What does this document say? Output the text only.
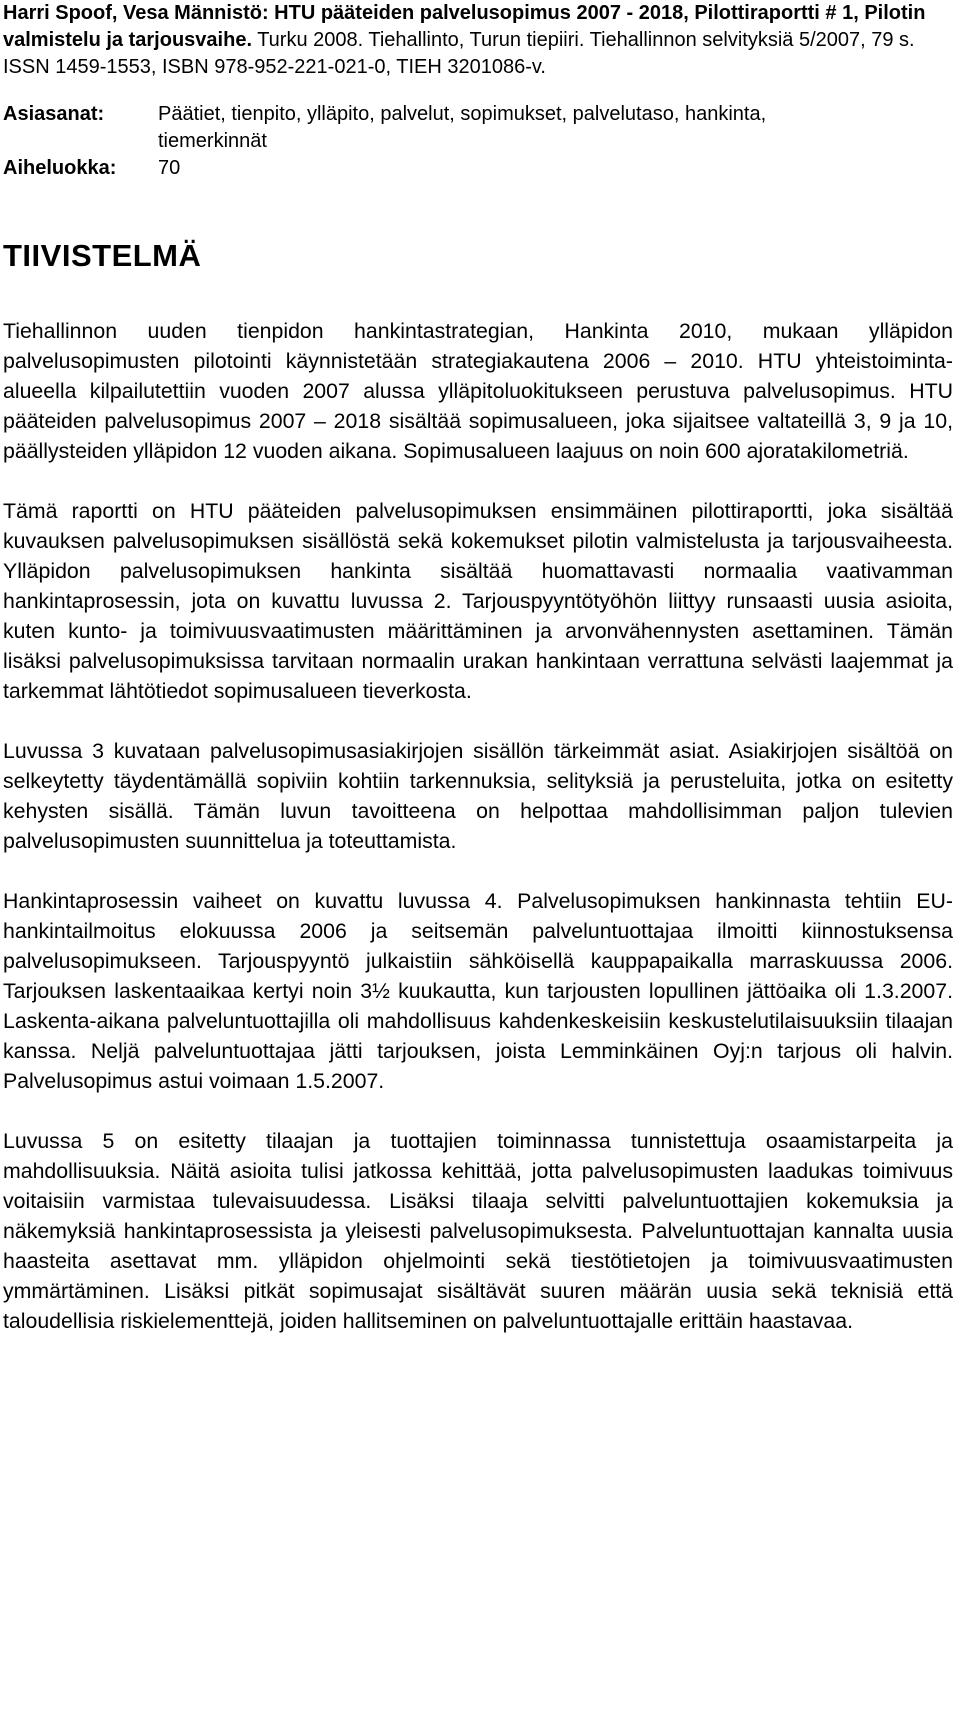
Harri Spoof, Vesa Männistö: HTU pääteiden palvelusopimus 2007 - 2018, Pilottiraportti # 1, Pilotin valmistelu ja tarjousvaihe. Turku 2008. Tiehallinto, Turun tiepiiri. Tiehallinnon selvityksiä 5/2007, 79 s. ISSN 1459-1553, ISBN 978-952-221-021-0, TIEH 3201086-v.
Asiasanat:	Päätiet, tienpito, ylläpito, palvelut, sopimukset, palvelutaso, hankinta, tiemerkinnät
Aiheluokka:	70
TIIVISTELMÄ

Tiehallinnon uuden tienpidon hankintastrategian, Hankinta 2010, mukaan ylläpidon palvelusopimusten pilotointi käynnistetään strategiakautena 2006 – 2010. HTU yhteistoiminta-alueella kilpailutettiin vuoden 2007 alussa ylläpitoluokitukseen perustuva palvelusopimus. HTU pääteiden palvelusopimus 2007 – 2018 sisältää sopimusalueen, joka sijaitsee valtateillä 3, 9 ja 10, päällysteiden ylläpidon 12 vuoden aikana. Sopimusalueen laajuus on noin 600 ajoratakilometriä.

Tämä raportti on HTU pääteiden palvelusopimuksen ensimmäinen pilottiraportti, joka sisältää kuvauksen palvelusopimuksen sisällöstä sekä kokemukset pilotin valmistelusta ja tarjousvaiheesta. Ylläpidon palvelusopimuksen hankinta sisältää huomattavasti normaalia vaativamman hankintaprosessin, jota on kuvattu luvussa 2. Tarjouspyyntötyöhön liittyy runsaasti uusia asioita, kuten kunto- ja toimivuusvaatimusten määrittäminen ja arvonvähennysten asettaminen. Tämän lisäksi palvelusopimuksissa tarvitaan normaalin urakan hankintaan verrattuna selvästi laajemmat ja tarkemmat lähtötiedot sopimusalueen tieverkosta.

Luvussa 3 kuvataan palvelusopimusasiakirjojen sisällön tärkeimmät asiat. Asiakirjojen sisältöä on selkeytetty täydentämällä sopiviin kohtiin tarkennuksia, selityksiä ja perusteluita, jotka on esitetty kehysten sisällä. Tämän luvun tavoitteena on helpottaa mahdollisimman paljon tulevien palvelusopimusten suunnittelua ja toteuttamista.

Hankintaprosessin vaiheet on kuvattu luvussa 4. Palvelusopimuksen hankinnasta tehtiin EU-hankintailmoitus elokuussa 2006 ja seitsemän palveluntuottajaa ilmoitti kiinnostuksensa palvelusopimukseen. Tarjouspyyntö julkaistiin sähköisellä kauppapaikalla marraskuussa 2006. Tarjouksen laskentaaikaa kertyi noin 3½ kuukautta, kun tarjousten lopullinen jättöaika oli 1.3.2007. Laskenta-aikana palveluntuottajilla oli mahdollisuus kahdenkeskeisiin keskustelutilaisuuksiin tilaajan kanssa. Neljä palveluntuottajaa jätti tarjouksen, joista Lemminkäinen Oyj:n tarjous oli halvin. Palvelusopimus astui voimaan 1.5.2007.

Luvussa 5 on esitetty tilaajan ja tuottajien toiminnassa tunnistettuja osaamistarpeita ja mahdollisuuksia. Näitä asioita tulisi jatkossa kehittää, jotta palvelusopimusten laadukas toimivuus voitaisiin varmistaa tulevaisuudessa. Lisäksi tilaaja selvitti palveluntuottajien kokemuksia ja näkemyksiä hankintaprosessista ja yleisesti palvelusopimuksesta. Palveluntuottajan kannalta uusia haasteita asettavat mm. ylläpidon ohjelmointi sekä tiestötietojen ja toimivuusvaatimusten ymmärtäminen. Lisäksi pitkät sopimusajat sisältävät suuren määrän uusia sekä teknisiä että taloudellisia riskielementtejä, joiden hallitseminen on palveluntuottajalle erittäin haastavaa.
